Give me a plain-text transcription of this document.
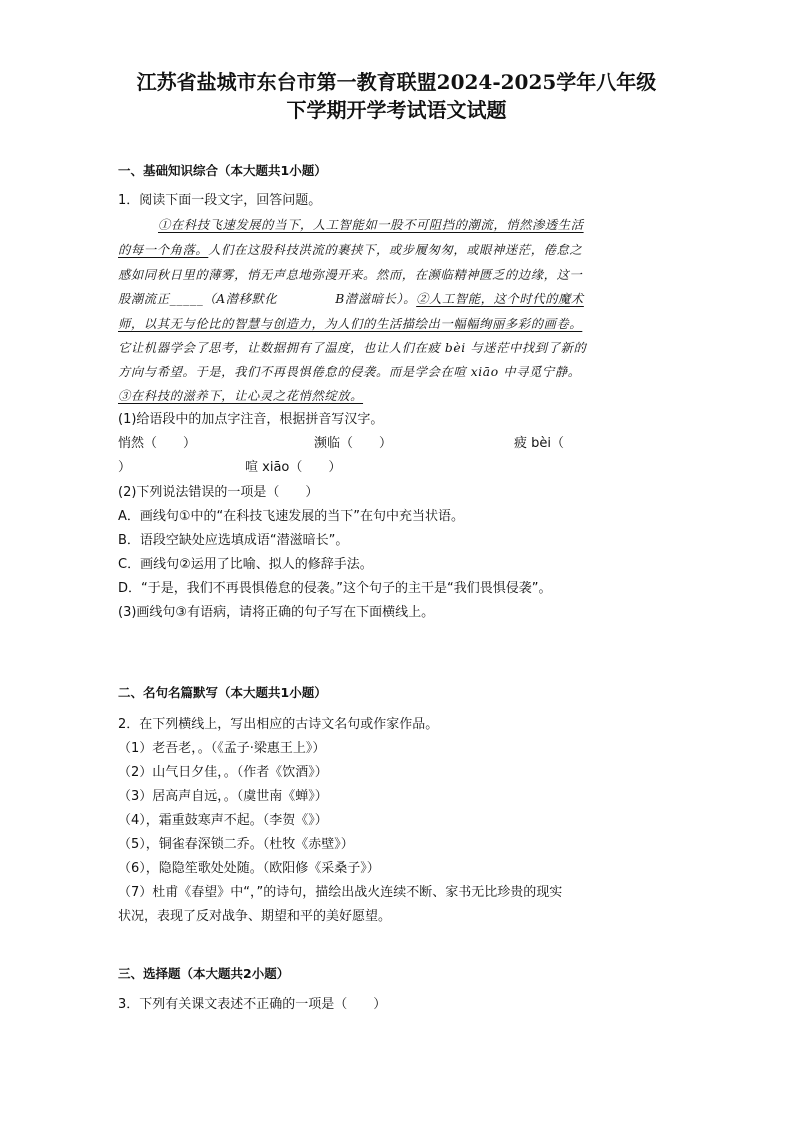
江苏省盐城市东台市第一教育联盟2024-2025学年八年级
下学期开学考试语文试题
一、基础知识综合（本大题共1小题）
1．阅读下面一段文字，回答问题。
①在科技飞速发展的当下，人工智能如一股不可阻挡的潮流，悄然渗透生活
的每一个角落。人们在这股科技洪流的裹挟下，或步履匆匆，或眼神迷茫，倦怠之
感如同秋日里的薄雾，悄无声息地弥漫开来。然而，在濒临精神匮乏的边缘，这一
股潮流正_____（A潜移默化	B潜滋暗长）。②人工智能，这个时代的魔术
师，以其无与伦比的智慧与创造力，为人们的生活描绘出一幅幅绚丽多彩的画卷。
它让机器学会了思考，让数据拥有了温度，也让人们在疲 bèi 与迷茫中找到了新的
方向与希望。于是，我们不再畏惧倦怠的侵袭。而是学会在喧 xiāo 中寻觅宁静。
③在科技的滋养下，让心灵之花悄然绽放。
(1)给语段中的加点字注音，根据拼音写汉字。
悄然（　　）	濒临（　　）	疲 bèi（
）	喧 xiāo（　　）
(2)下列说法错误的一项是（　　）
A．画线句①中的“在科技飞速发展的当下”在句中充当状语。
B．语段空缺处应选填成语“潜滋暗长”。
C．画线句②运用了比喻、拟人的修辞手法。
D．“于是，我们不再畏惧倦怠的侵袭。”这个句子的主干是“我们畏惧侵袭”。
(3)画线句③有语病，请将正确的句子写在下面横线上。
二、名句名篇默写（本大题共1小题）
2．在下列横线上，写出相应的古诗文名句或作家作品。
（1）老吾老，。（《孟子·梁惠王上》）
（2）山气日夕佳，。（作者《饮酒》）
（3）居高声自远，。（虞世南《蝉》）
（4），霜重鼓寒声不起。（李贺《》）
（5），铜雀春深锁二乔。（杜牧《赤壁》）
（6），隐隐笙歌处处随。（欧阳修《采桑子》）
（7）杜甫《春望》中“，”的诗句，描绘出战火连续不断、家书无比珍贵的现实
状况，表现了反对战争、期望和平的美好愿望。
三、选择题（本大题共2小题）
3．下列有关课文表述不正确的一项是（　　）
